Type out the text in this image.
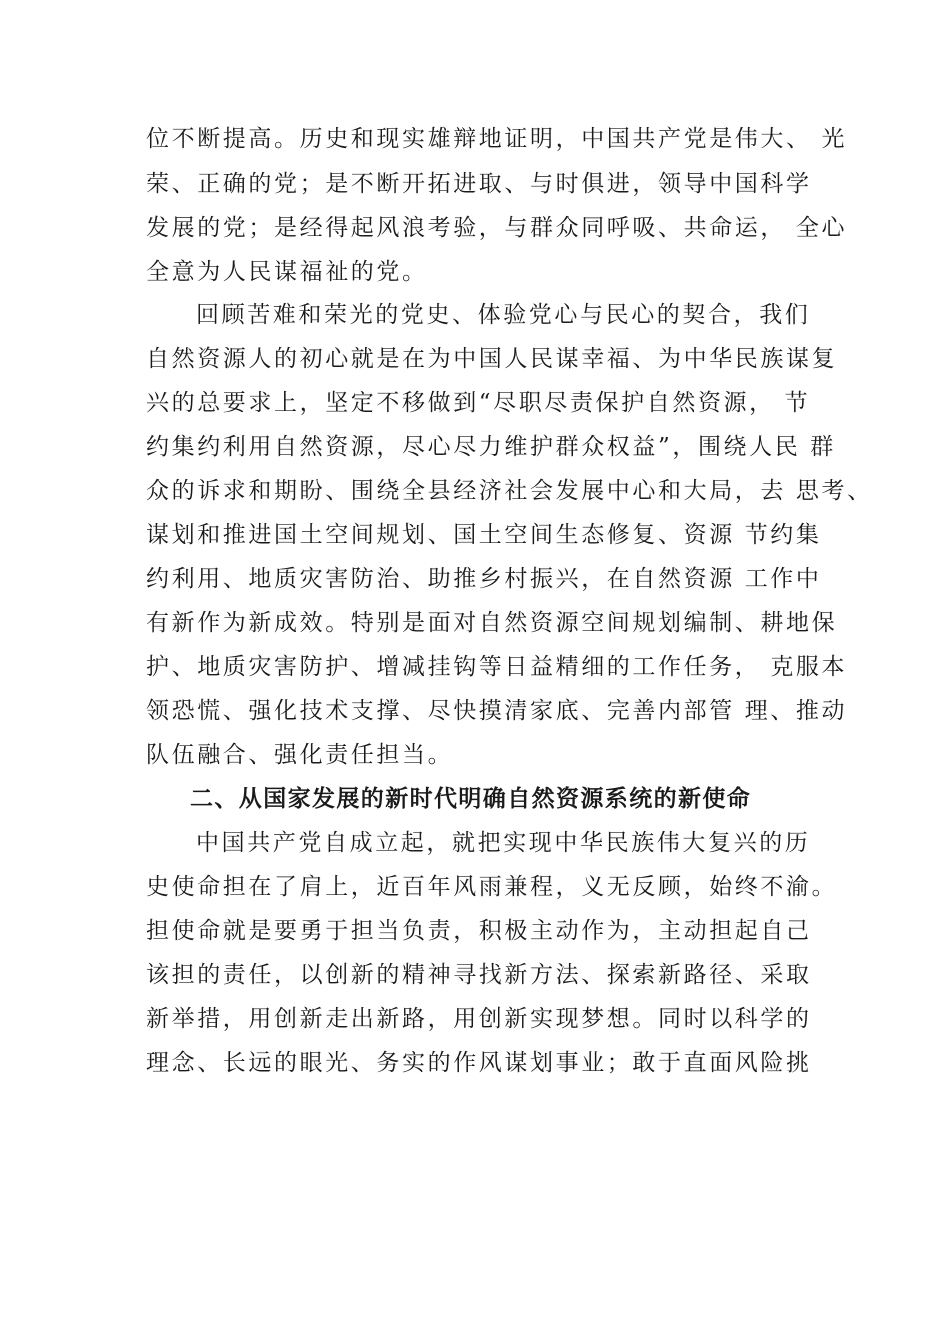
位不断提高。历史和现实雄辩地证明，中国共产党是伟大、 光
荣、正确的党；是不断开拓进取、与时俱进，领导中国科学
发展的党；是经得起风浪考验，与群众同呼吸、共命运， 全心
全意为人民谋福祉的党。
回顾苦难和荣光的党史、体验党心与民心的契合，我们
自然资源人的初心就是在为中国人民谋幸福、为中华民族谋复
兴的总要求上，坚定不移做到“尽职尽责保护自然资源， 节
约集约利用自然资源，尽心尽力维护群众权益”，围绕人民 群
众的诉求和期盼、围绕全县经济社会发展中心和大局，去 思考、
谋划和推进国土空间规划、国土空间生态修复、资源 节约集
约利用、地质灾害防治、助推乡村振兴，在自然资源 工作中
有新作为新成效。特别是面对自然资源空间规划编制、耕地保
护、地质灾害防护、增减挂钩等日益精细的工作任务， 克服本
领恐慌、强化技术支撑、尽快摸清家底、完善内部管 理、推动
队伍融合、强化责任担当。
二、从国家发展的新时代明确自然资源系统的新使命
中国共产党自成立起，就把实现中华民族伟大复兴的历
史使命担在了肩上，近百年风雨兼程，义无反顾，始终不渝。
担使命就是要勇于担当负责，积极主动作为，主动担起自己
该担的责任，以创新的精神寻找新方法、探索新路径、采取
新举措，用创新走出新路，用创新实现梦想。同时以科学的
理念、长远的眼光、务实的作风谋划事业；敢于直面风险挑
